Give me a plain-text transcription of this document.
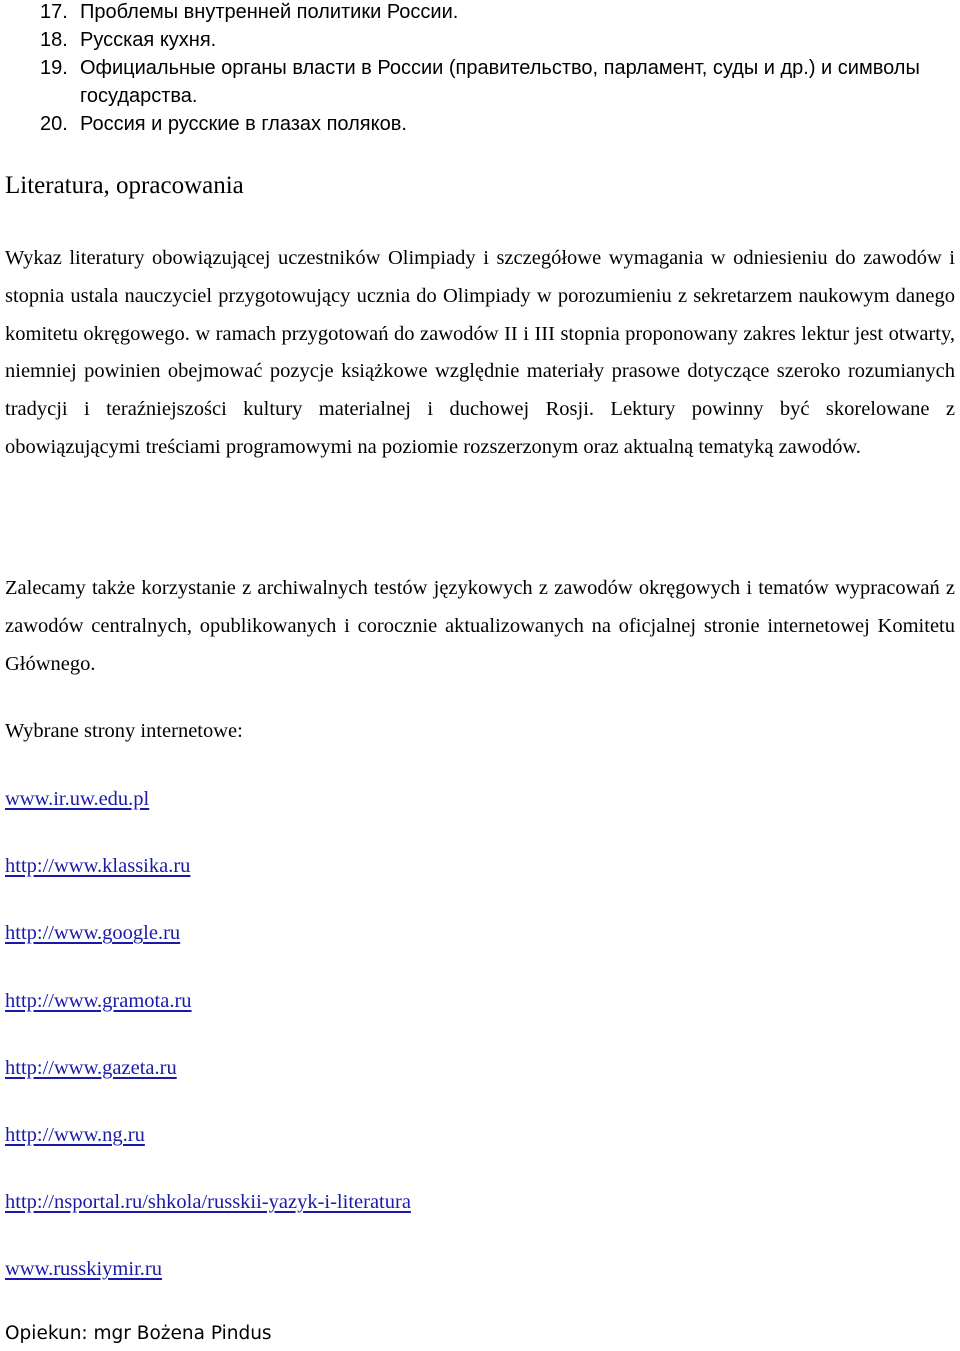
17. Проблемы внутренней политики России.
18. Русская кухня.
19. Официальные органы власти в России (правительство, парламент, суды и др.) и символы государства.
20. Россия и русские в глазах поляков.
Literatura, opracowania

Wykaz literatury obowiązującej uczestników Olimpiady i szczegółowe wymagania w odniesieniu do zawodów i stopnia ustala nauczyciel przygotowujący ucznia do Olimpiady w porozumieniu z sekretarzem naukowym danego komitetu okręgowego. w ramach przygotowań do zawodów II i III stopnia proponowany zakres lektur jest otwarty, niemniej powinien obejmować pozycje książkowe względnie materiały prasowe dotyczące szeroko rozumianych tradycji i teraźniejszości kultury materialnej i duchowej Rosji. Lektury powinny być skorelowane z obowiązującymi treściami programowymi na poziomie rozszerzonym oraz aktualną tematyką zawodów.

Zalecamy także korzystanie z archiwalnych testów językowych z zawodów okręgowych i tematów wypracowań z zawodów centralnych, opublikowanych i corocznie aktualizowanych na oficjalnej stronie internetowej Komitetu Głównego.

Wybrane strony internetowe:
www.ir.uw.edu.pl
http://www.klassika.ru
http://www.google.ru
http://www.gramota.ru
http://www.gazeta.ru
http://www.ng.ru
http://nsportal.ru/shkola/russkii-yazyk-i-literatura
www.russkiymir.ru
Opiekun: mgr Bożena Pindus
